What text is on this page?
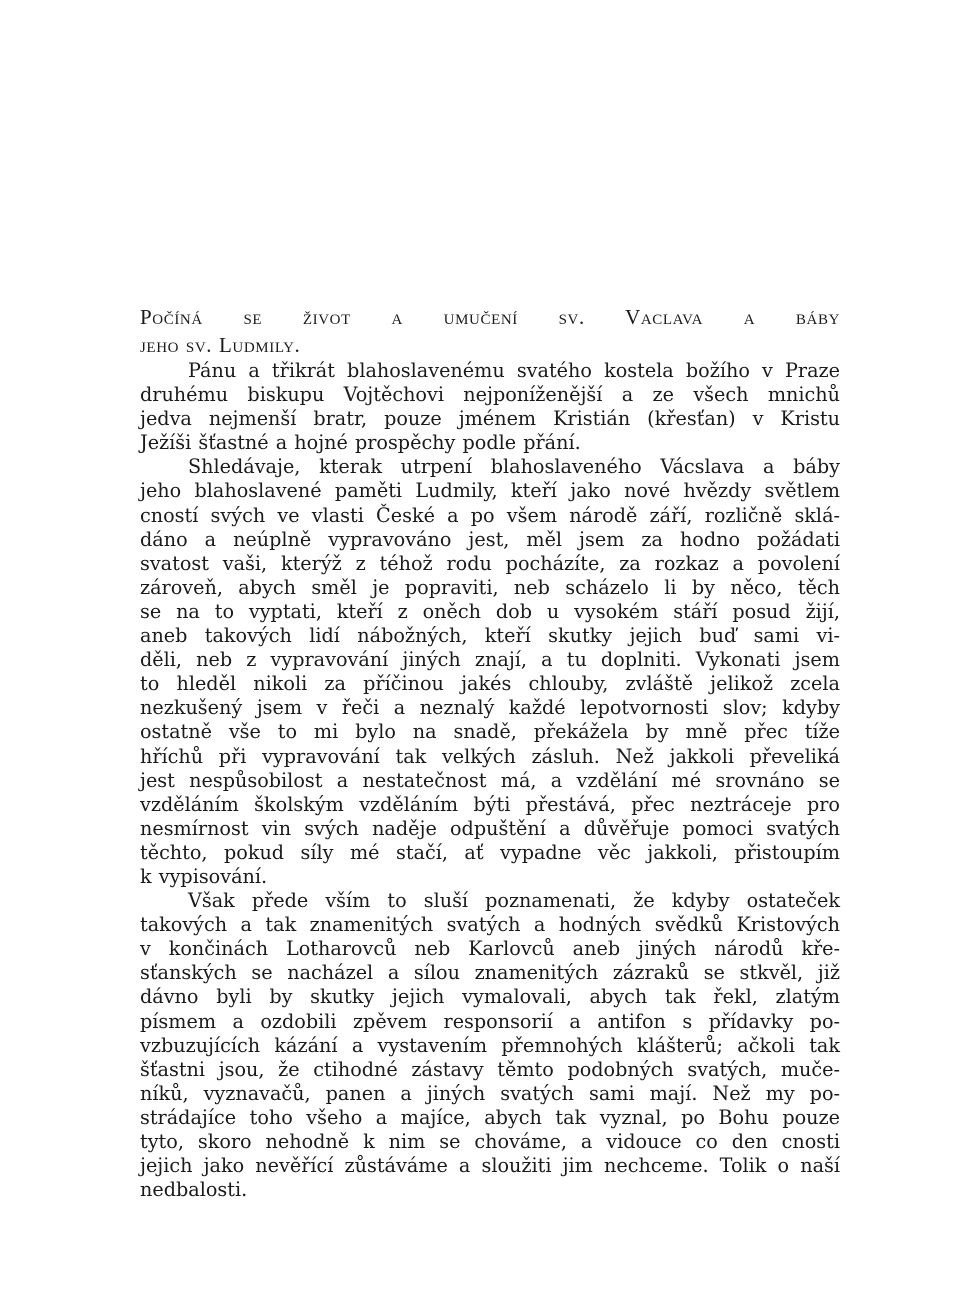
Počíná se život a umučení sv. Vaclava a báby
jeho sv. Ludmily.
Pánu a třikrát blahoslavenému svatého kostela božího v Praze
druhému biskupu Vojtěchovi nejponíženější a ze všech mnichů
jedva nejmenší bratr, pouze jménem Kristián (křesťan) v Kristu
Ježíši šťastné a hojné prospěchy podle přání.
Shledávaje, kterak utrpení blahoslaveného Vácslava a báby
jeho blahoslavené paměti Ludmily, kteří jako nové hvězdy světlem
cností svých ve vlasti České a po všem národě září, rozličně sklá-
dáno a neúplně vypravováno jest, měl jsem za hodno požádati
svatost vaši, kterýž z téhož rodu pocházíte, za rozkaz a povolení
zároveň, abych směl je popraviti, neb scházelo li by něco, těch
se na to vyptati, kteří z oněch dob u vysokém stáří posud žijí,
aneb takových lidí nábožných, kteří skutky jejich buď sami vi-
děli, neb z vypravování jiných znají, a tu doplniti. Vykonati jsem
to hleděl nikoli za příčinou jakés chlouby, zvláště jelikož zcela
nezkušený jsem v řeči a neznalý každé lepotvornosti slov; kdyby
ostatně vše to mi bylo na snadě, překážela by mně přec tíže
hříchů při vypravování tak velkých zásluh. Než jakkoli převeliká
jest nespůsobilost a nestatečnost má, a vzdělání mé srovnáno se
vzděláním školským vzděláním býti přestává, přec neztráceje pro
nesmírnost vin svých naděje odpuštění a důvěřuje pomoci svatých
těchto, pokud síly mé stačí, ať vypadne věc jakkoli, přistoupím
k vypisování.
Však přede vším to sluší poznamenati, že kdyby ostateček
takových a tak znamenitých svatých a hodných svědků Kristových
v končinách Lotharovců neb Karlovců aneb jiných národů kře-
sťanských se nacházel a sílou znamenitých zázraků se stkvěl, již
dávno byli by skutky jejich vymalovali, abych tak řekl, zlatým
písmem a ozdobili zpěvem responsorií a antifon s přídavky po-
vzbuzujících kázání a vystavením přemnohých klášterů; ačkoli tak
šťastni jsou, že ctihodné zástavy těmto podobných svatých, mučе-
níků, vyznavačů, panen a jiných svatých sami mají. Než my po-
strádajíce toho všeho a majíce, abych tak vyznal, po Bohu pouze
tyto, skoro nehodně k nim se chováme, a vidouce co den cnosti
jejich jako nevěřící zůstáváme a sloužiti jim nechceme. Tolik o naší
nedbalosti.
